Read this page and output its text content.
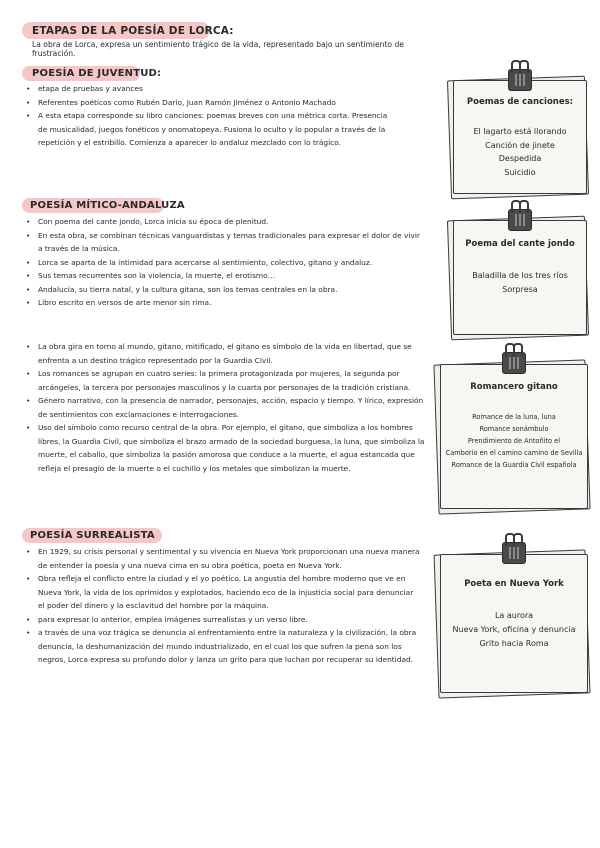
ETAPAS DE LA POESÍA DE LORCA:
La obra de Lorca, expresa un sentimiento trágico de la vida, representado bajo un sentimiento de frustración.
POESÍA DE JUVENTUD:
• etapa de pruebas y avances
• Referentes poéticos como Rubén Darío, Juan Ramón Jiménez o Antonio Machado
• A esta etapa corresponde su libro canciones: poemas breves con una métrica corta. Presencia de musicalidad, juegos fonéticos y onomatopeya. Fusiona lo oculto y lo popular a través de la repetición y el estribillo. Comienza a aparecer lo andaluz mezclado con lo trágico.
POESÍA MÍTICO-ANDALUZA
• Con poema del cante jondo, Lorca inicia su época de plenitud.
• En esta obra, se combinan técnicas vanguardistas y temas tradicionales para expresar el dolor de vivir a través de la música.
• Lorca se aparta de la intimidad para acercarse al sentimiento, colectivo, gitano y andaluz.
• Sus temas recurrentes son la violencia, la muerte, el erotismo…
• Andalucía, su tierra natal, y la cultura gitana, son los temas centrales en la obra.
• Libro escrito en versos de arte menor sin rima.
• La obra gira en torno al mundo, gitano, mitificado, el gitano es símbolo de la vida en libertad, que se enfrenta a un destino trágico representado por la Guardia Civil.
• Los romances se agrupan en cuatro series: la primera protagonizada por mujeres, la segunda por arcángeles, la tercera por personajes masculinos y la cuarta por personajes de la tradición cristiana.
• Género narrativo, con la presencia de narrador, personajes, acción, espacio y tiempo. Y lírico, expresión de sentimientos con exclamaciones e interrogaciones.
• Uso del símbolo como recurso central de la obra. Por ejemplo, el gitano, que simboliza a los hombres libres, la Guardia Civil, que simboliza el brazo armado de la sociedad burguesa, la luna, que simboliza la muerte, el caballo, que simboliza la pasión amorosa que conduce a la muerte, el agua estancada que refleja el presagio de la muerte o el cuchillo y los metales que simbolizan la muerte.
POESÍA SURREALISTA
• En 1929, su crisis personal y sentimental y su vivencia en Nueva York proporcionan una nueva manera de entender la poesía y una nueva cima en su obra poética, poeta en Nueva York.
• Obra refleja el conflicto entre la ciudad y el yo poético. La angustia del hombre moderno que ve en Nueva York, la vida de los oprimidos y explotados, haciendo eco de la injusticia social para denunciar el poder del dinero y la esclavitud del hombre por la máquina.
• para expresar lo anterior, emplea imágenes surrealistas y un verso libre.
• a través de una voz trágica se denuncia al enfrentamiento entre la naturaleza y la civilización, la obra denuncia, la deshumanización del mundo industrializado, en el cual los que sufren la pena son los negros, Lorca expresa su profundo dolor y lanza un grito para que luchan por recuperar su identidad.
Poemas de canciones:
El lagarto está llorando
Canción de jinete
Despedida
Suicidio
Poema del cante jondo
Baladilla de los tres ríos
Sorpresa
Romancero gitano
Romance de la luna, luna
Romance sonámbulo
Prendimiento de Antoñito el
Camborio en el camino camino de Sevilla
Romance de la Guardia Civil española
Poeta en Nueva York
La aurora
Nueva York, oficina y denuncia
Grito hacia Roma
